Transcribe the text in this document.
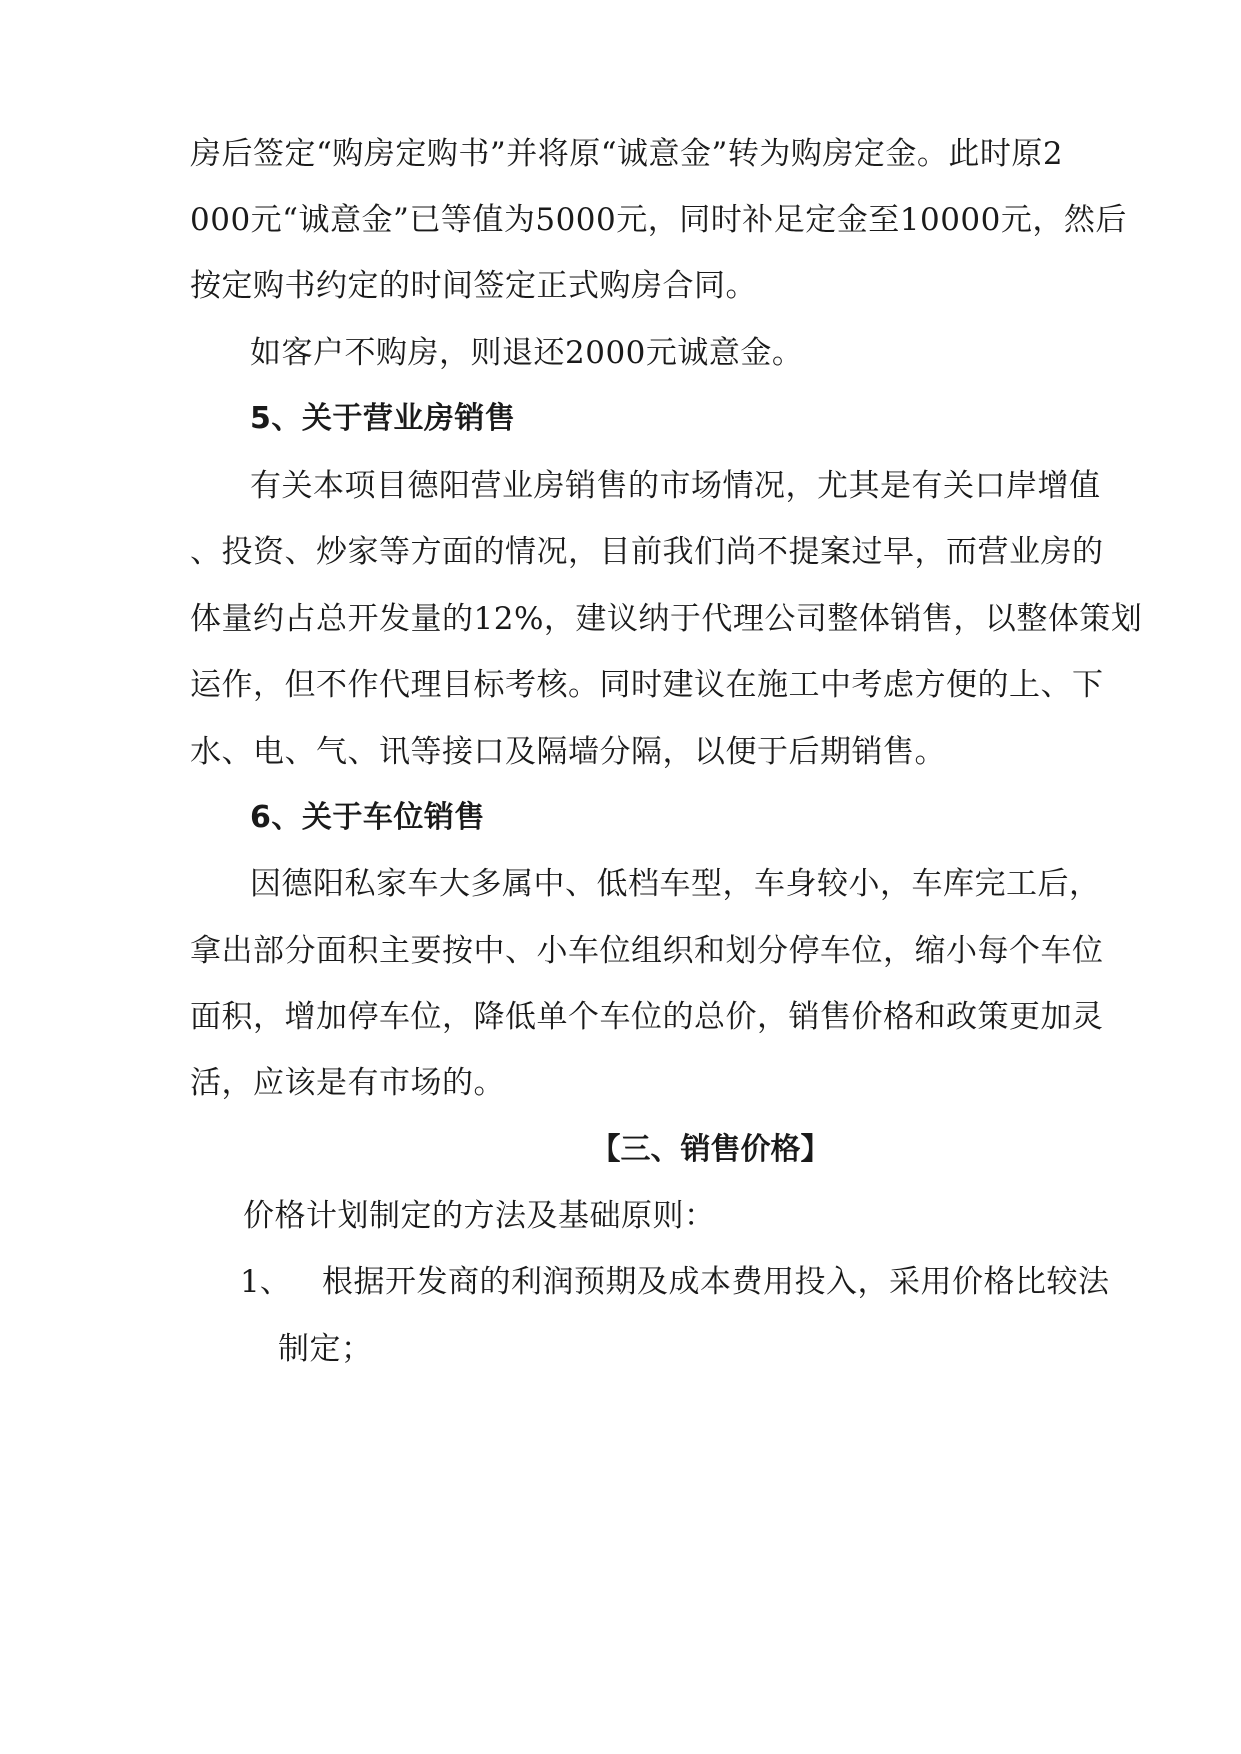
房后签定“购房定购书”并将原“诚意金”转为购房定金。此时原2
000元“诚意金”已等值为5000元，同时补足定金至10000元，然后
按定购书约定的时间签定正式购房合同。
如客户不购房，则退还2000元诚意金。
5、关于营业房销售
有关本项目德阳营业房销售的市场情况，尤其是有关口岸增值
、投资、炒家等方面的情况，目前我们尚不提案过早，而营业房的
体量约占总开发量的12%，建议纳于代理公司整体销售，以整体策划
运作，但不作代理目标考核。同时建议在施工中考虑方便的上、下
水、电、气、讯等接口及隔墙分隔，以便于后期销售。
6、关于车位销售
因德阳私家车大多属中、低档车型，车身较小，车库完工后，
拿出部分面积主要按中、小车位组织和划分停车位，缩小每个车位
面积，增加停车位，降低单个车位的总价，销售价格和政策更加灵
活，应该是有市场的。
【三、销售价格】
价格计划制定的方法及基础原则：
1、 根据开发商的利润预期及成本费用投入，采用价格比较法
制定；
